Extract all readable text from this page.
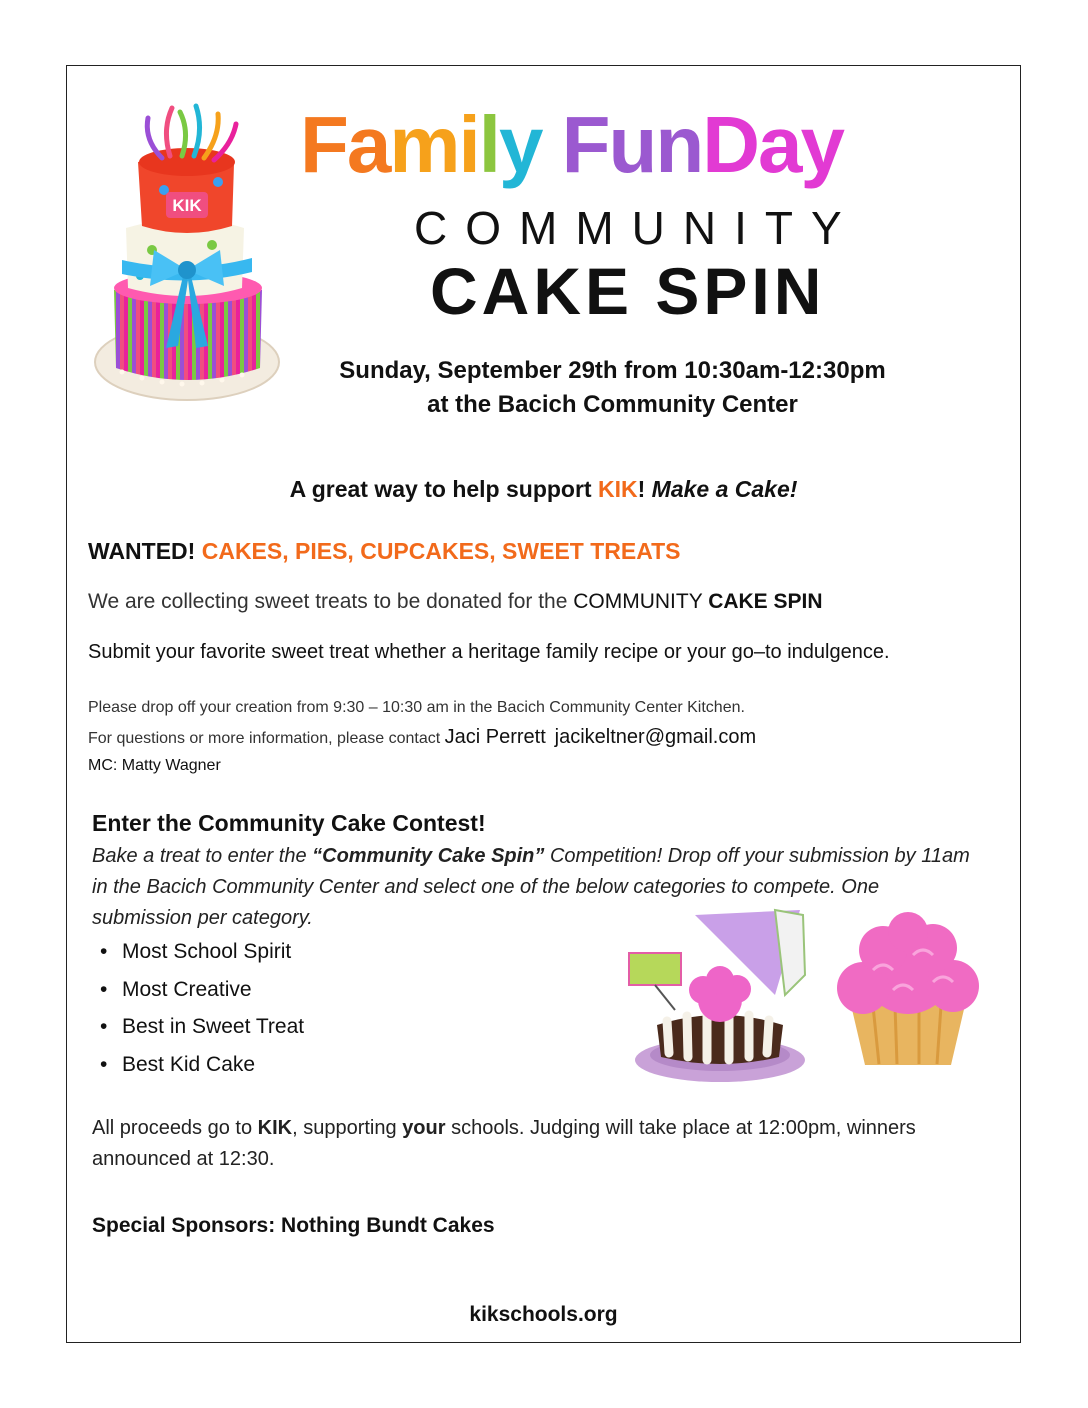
KIK
Family FunDay
COMMUNITY
CAKE SPIN
Sunday, September 29th from 10:30am-12:30pm
at the Bacich Community Center
A great way to help support KIK! Make a Cake!
WANTED! CAKES, PIES, CUPCAKES, SWEET TREATS
We are collecting sweet treats to be donated for the COMMUNITY CAKE SPIN
Submit your favorite sweet treat whether a heritage family recipe or your go–to indulgence.
Please drop off your creation from 9:30 – 10:30 am in the Bacich Community Center Kitchen.
For questions or more information, please contact Jaci Perrett jacikeltner@gmail.com
MC: Matty Wagner
Enter the Community Cake Contest!
Bake a treat to enter the “Community Cake Spin” Competition! Drop off your submission by 11am in the Bacich Community Center and select one of the below categories to compete. One submission per category.
• Most School Spirit
• Most Creative
• Best in Sweet Treat
• Best Kid Cake
All proceeds go to KIK, supporting your schools. Judging will take place at 12:00pm, winners announced at 12:30.
Special Sponsors: Nothing Bundt Cakes
kikschools.org
